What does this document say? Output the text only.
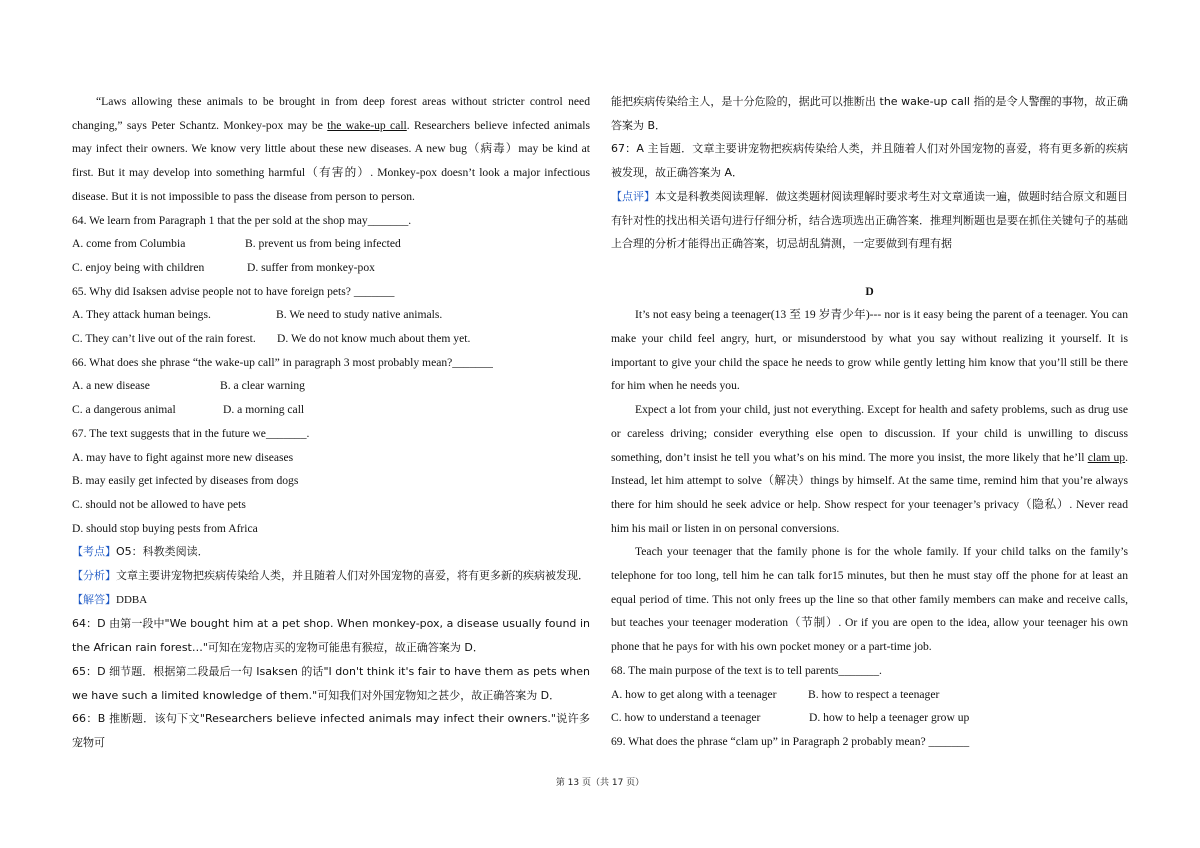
“Laws allowing these animals to be brought in from deep forest areas without stricter control need changing,” says Peter Schantz. Monkey-pox may be the wake-up call. Researchers believe infected animals may infect their owners. We know very little about these new diseases. A new bug（病毒）may be kind at first. But it may develop into something harmful（有害的）. Monkey-pox doesn’t look a major infectious disease. But it is not impossible to pass the disease from person to person.

64. We learn from Paragraph 1 that the per sold at the shop may_______.

A. come from Columbia	B. prevent us from being infected

C. enjoy being with children	D. suffer from monkey-pox

65. Why did Isaksen advise people not to have foreign pets? _______

A. They attack human beings.	B. We need to study native animals.

C. They can’t live out of the rain forest.	D. We do not know much about them yet.

66. What does she phrase “the wake-up call” in paragraph 3 most probably mean?_______

A. a new disease	B. a clear warning

C. a dangerous animal	D. a morning call

67. The text suggests that in the future we_______.

A. may have to fight against more new diseases

B. may easily get infected by diseases from dogs

C. should not be allowed to have pets

D. should stop buying pests from Africa

【考点】O5：科教类阅读．

【分析】文章主要讲宠物把疾病传染给人类，并且随着人们对外国宠物的喜爱，将有更多新的疾病被发现．

【解答】DDBA

64：D 由第一段中"We bought him at a pet shop. When monkey-pox, a disease usually found in the African rain forest…"可知在宠物店买的宠物可能患有猴痘，故正确答案为 D．

65：D 细节题．根据第二段最后一句 Isaksen 的话"I don't think it's fair to have them as pets when we have such a limited knowledge of them."可知我们对外国宠物知之甚少，故正确答案为 D．

66：B 推断题．该句下文"Researchers believe infected animals may infect their owners."说许多宠物可

能把疾病传染给主人，是十分危险的，据此可以推断出 the wake-up call 指的是令人警醒的事物，故正确答案为 B．

67：A 主旨题．文章主要讲宠物把疾病传染给人类，并且随着人们对外国宠物的喜爱，将有更多新的疾病被发现，故正确答案为 A．

【点评】本文是科教类阅读理解．做这类题材阅读理解时要求考生对文章通读一遍，做题时结合原文和题目有针对性的找出相关语句进行仔细分析，结合选项选出正确答案．推理判断题也是要在抓住关键句子的基础上合理的分析才能得出正确答案，切忌胡乱猜测，一定要做到有理有据

D

It’s not easy being a teenager(13 至 19 岁青少年)--- nor is it easy being the parent of a teenager. You can make your child feel angry, hurt, or misunderstood by what you say without realizing it yourself. It is important to give your child the space he needs to grow while gently letting him know that you’ll still be there for him when he needs you.

Expect a lot from your child, just not everything. Except for health and safety problems, such as drug use or careless driving; consider everything else open to discussion. If your child is unwilling to discuss something, don’t insist he tell you what’s on his mind. The more you insist, the more likely that he’ll clam up. Instead, let him attempt to solve（解决）things by himself. At the same time, remind him that you’re always there for him should he seek advice or help. Show respect for your teenager’s privacy（隐私）. Never read him his mail or listen in on personal conversions.

Teach your teenager that the family phone is for the whole family. If your child talks on the family’s telephone for too long, tell him he can talk for15 minutes, but then he must stay off the phone for at least an equal period of time. This not only frees up the line so that other family members can make and receive calls, but teaches your teenager moderation（节制）. Or if you are open to the idea, allow your teenager his own phone that he pays for with his own pocket money or a part-time job.

68. The main purpose of the text is to tell parents_______.

A. how to get along with a teenager	B. how to respect a teenager

C. how to understand a teenager	D. how to help a teenager grow up

69. What does the phrase “clam up” in Paragraph 2 probably mean? _______

第 13 页（共 17 页）
